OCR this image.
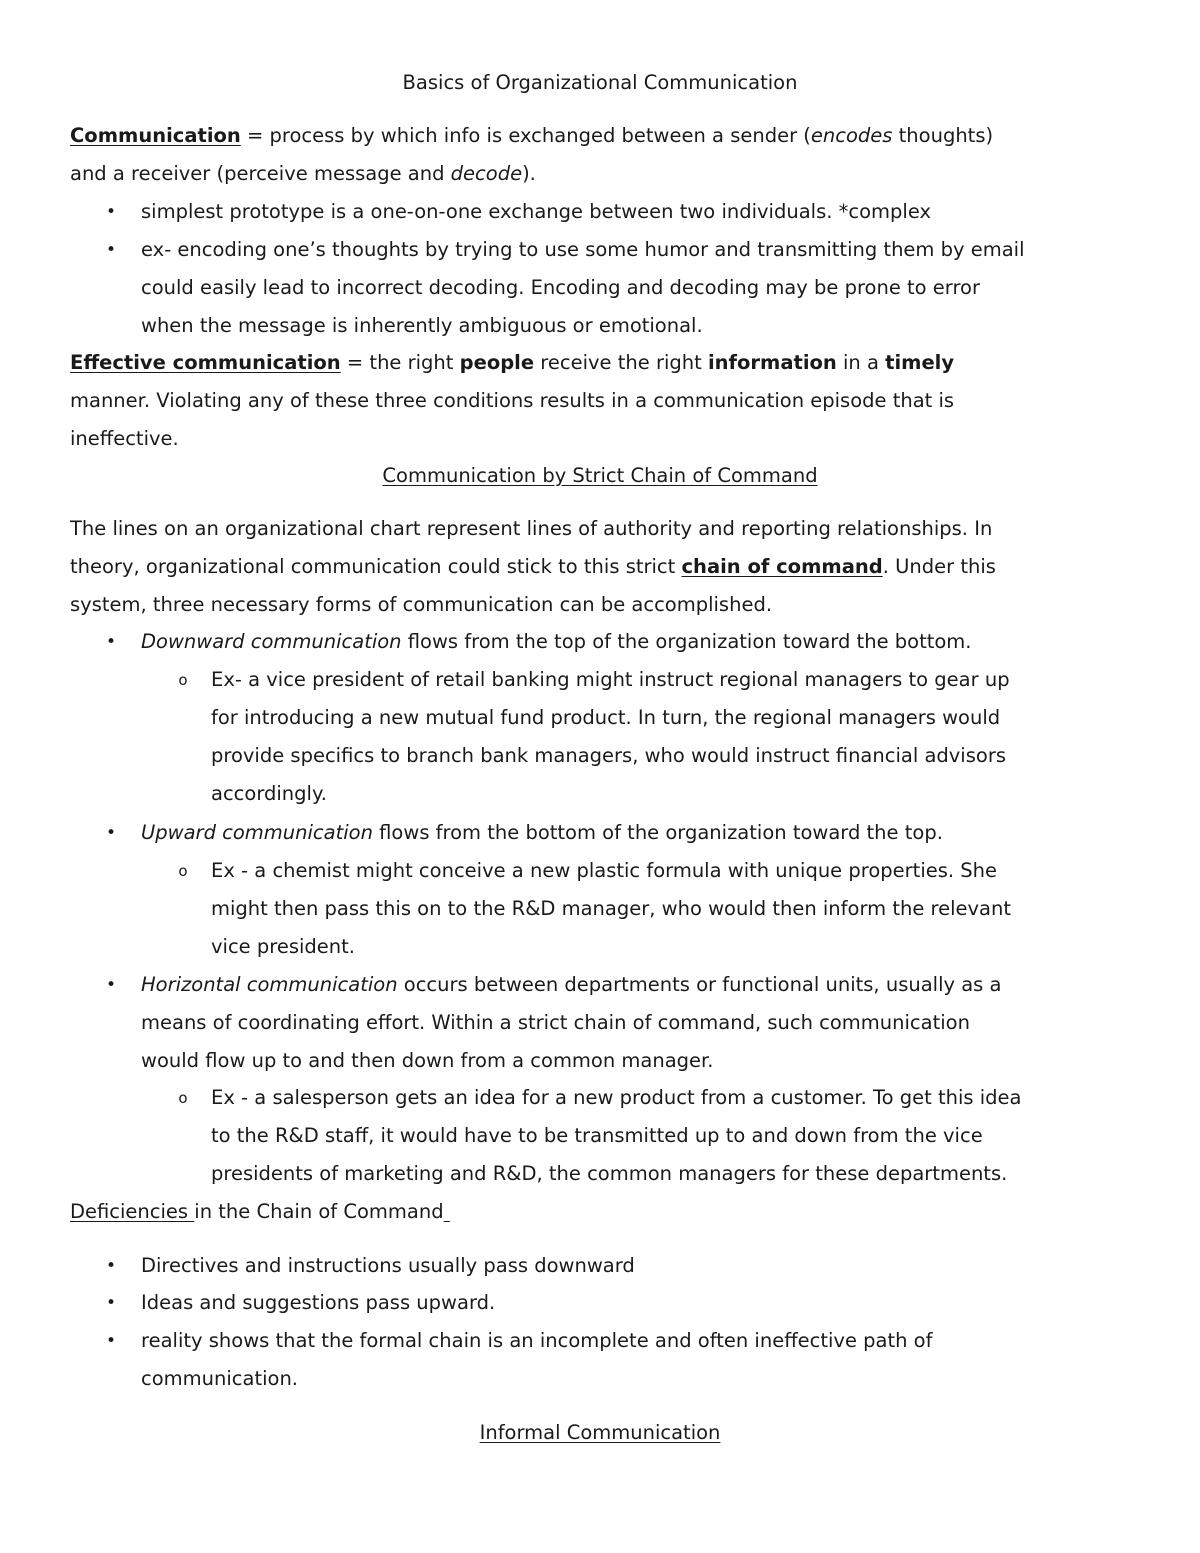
Basics of Organizational Communication
Communication = process by which info is exchanged between a sender (encodes thoughts)
and a receiver (perceive message and decode).
• simplest prototype is a one-on-one exchange between two individuals. *complex
• ex- encoding one’s thoughts by trying to use some humor and transmitting them by email
could easily lead to incorrect decoding. Encoding and decoding may be prone to error
when the message is inherently ambiguous or emotional.
Effective communication = the right people receive the right information in a timely
manner. Violating any of these three conditions results in a communication episode that is
ineffective.
Communication by Strict Chain of Command
The lines on an organizational chart represent lines of authority and reporting relationships. In
theory, organizational communication could stick to this strict chain of command. Under this
system, three necessary forms of communication can be accomplished.
• Downward communication flows from the top of the organization toward the bottom.
o Ex- a vice president of retail banking might instruct regional managers to gear up
for introducing a new mutual fund product. In turn, the regional managers would
provide specifics to branch bank managers, who would instruct financial advisors
accordingly.
• Upward communication flows from the bottom of the organization toward the top.
o Ex - a chemist might conceive a new plastic formula with unique properties. She
might then pass this on to the R&D manager, who would then inform the relevant
vice president.
• Horizontal communication occurs between departments or functional units, usually as a
means of coordinating effort. Within a strict chain of command, such communication
would flow up to and then down from a common manager.
o Ex - a salesperson gets an idea for a new product from a customer. To get this idea
to the R&D staff, it would have to be transmitted up to and down from the vice
presidents of marketing and R&D, the common managers for these departments.
Deficiencies in the Chain of Command
• Directives and instructions usually pass downward
• Ideas and suggestions pass upward.
• reality shows that the formal chain is an incomplete and often ineffective path of
communication.
Informal Communication
